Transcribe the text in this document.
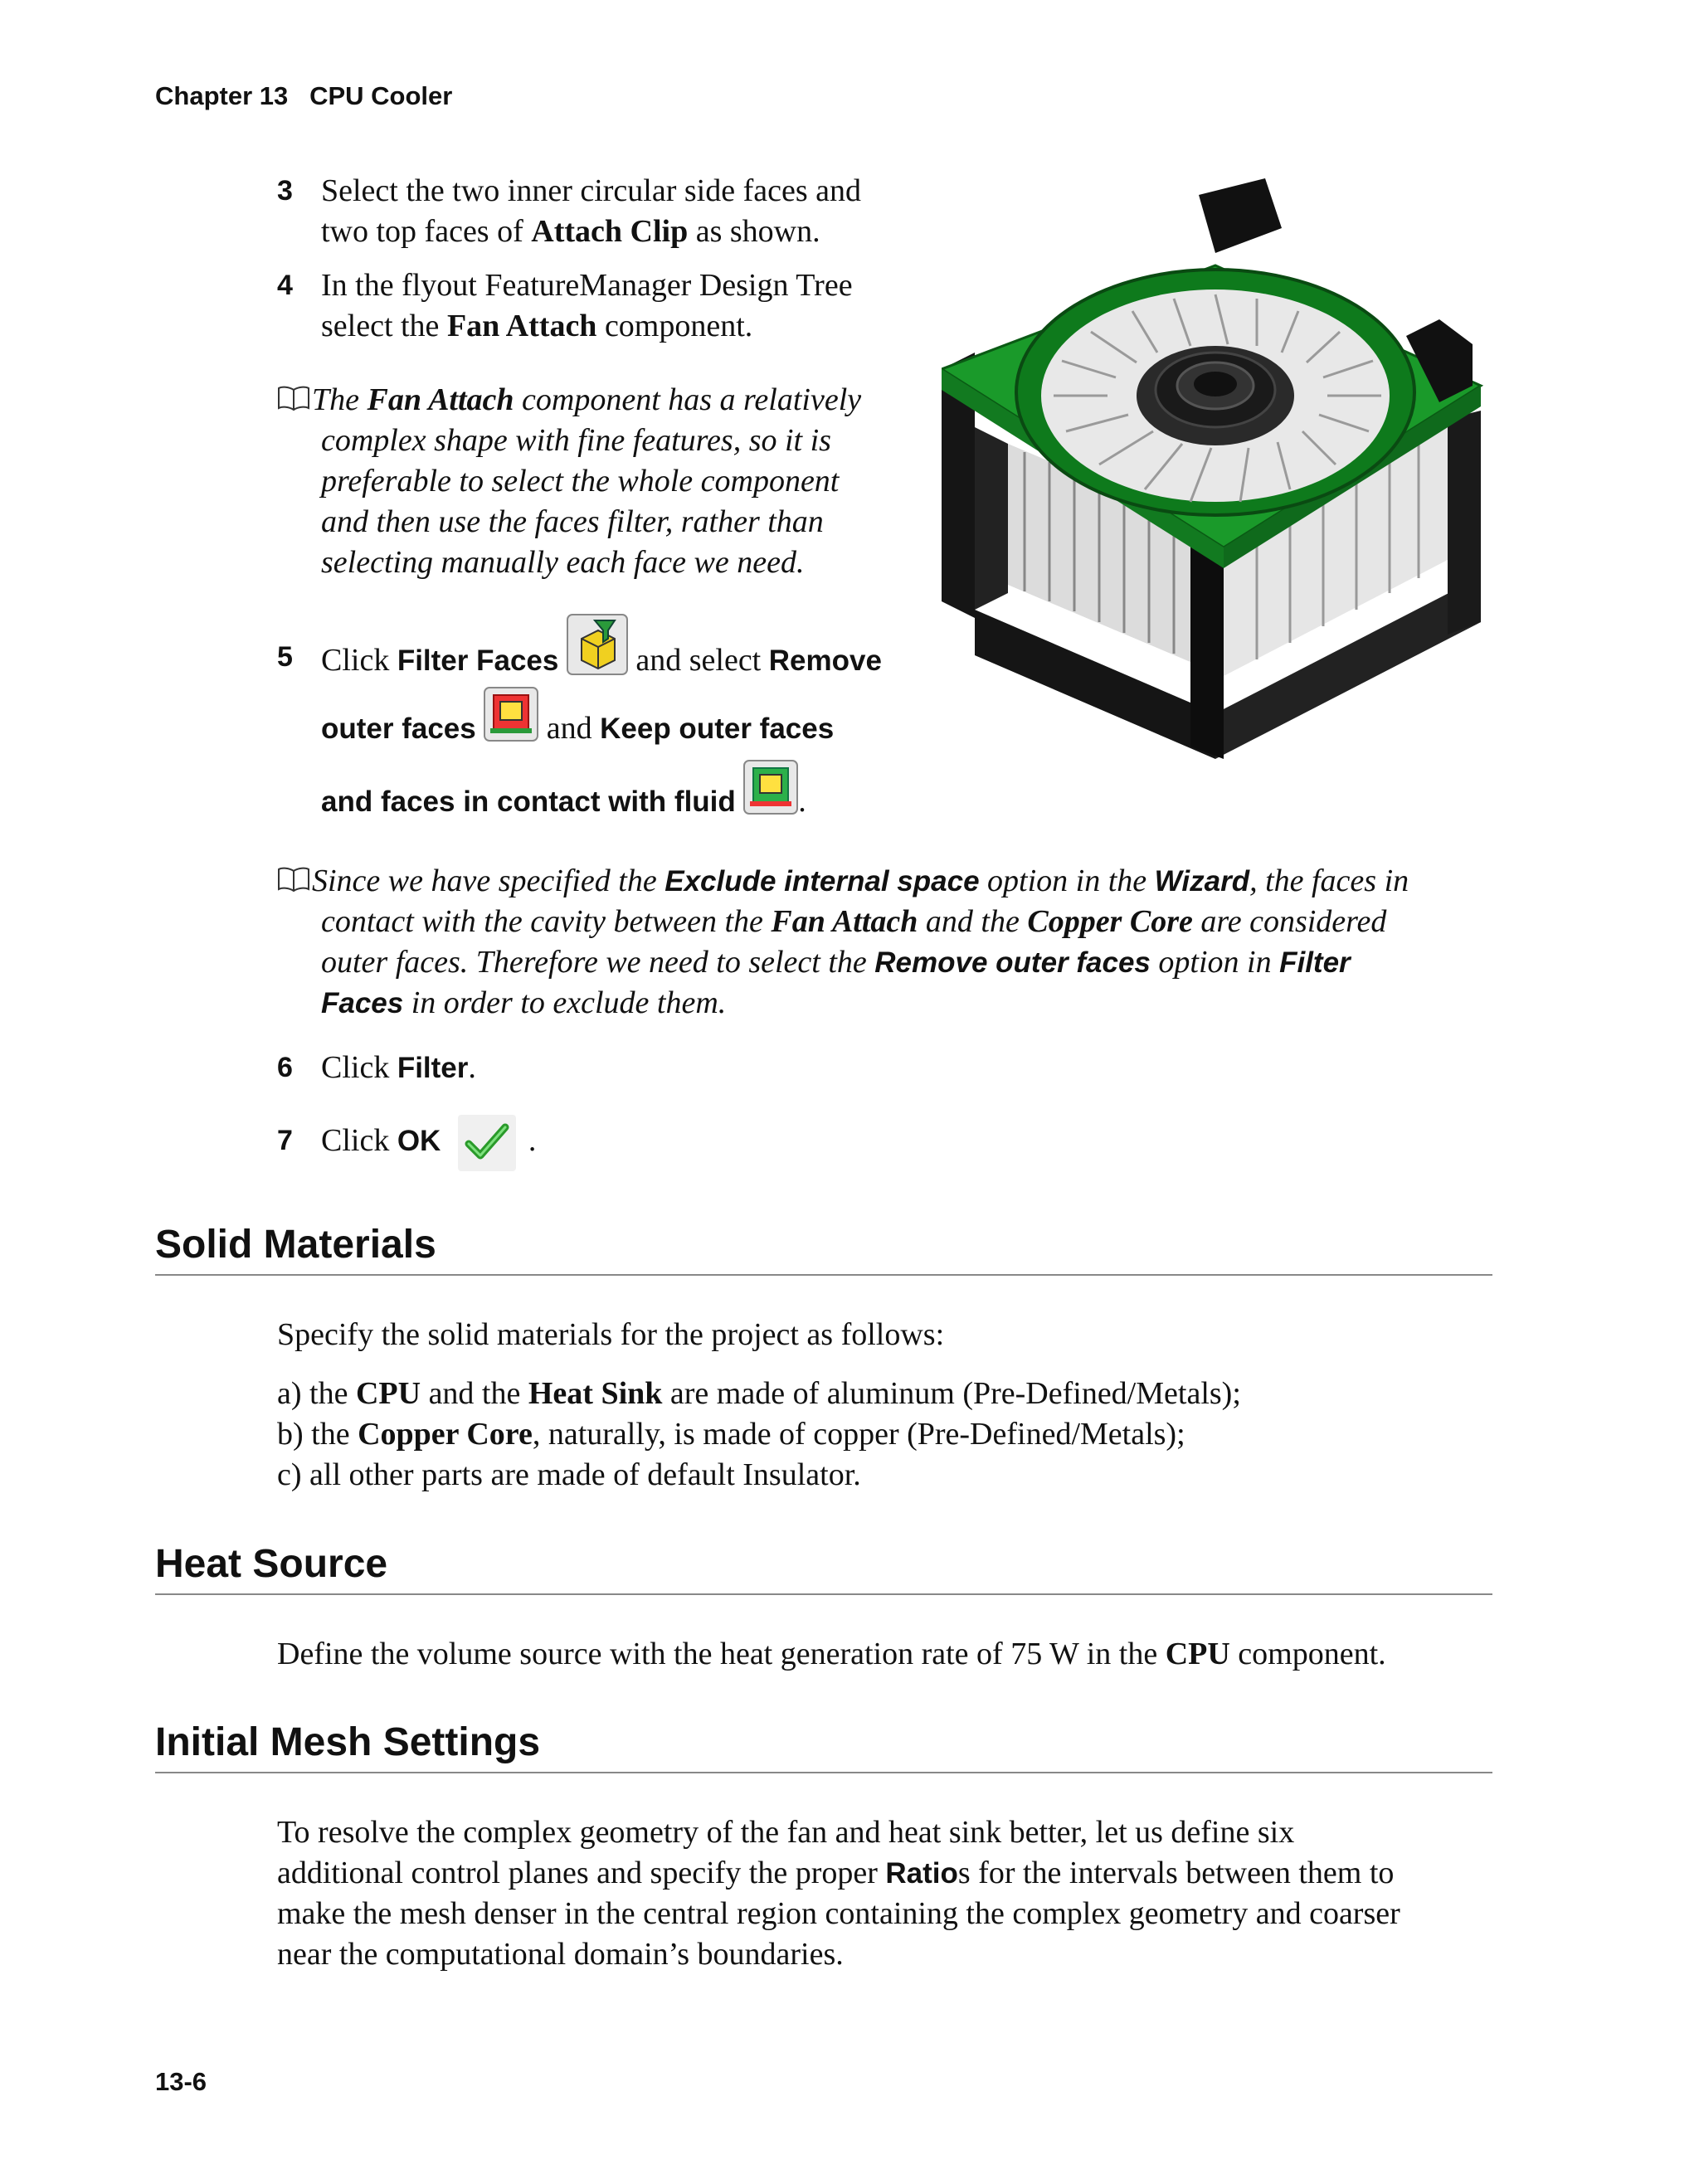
Chapter 13 CPU Cooler
3 Select the two inner circular side faces and
two top faces of Attach Clip as shown.
4 In the flyout FeatureManager Design Tree
select the Fan Attach component.
The Fan Attach component has a relatively
complex shape with fine features, so it is
preferable to select the whole component
and then use the faces filter, rather than
selecting manually each face we need.
5 Click Filter Faces  and select Remove
outer faces  and Keep outer faces
and faces in contact with fluid .
Since we have specified the Exclude internal space option in the Wizard, the faces in
contact with the cavity between the Fan Attach and the Copper Core are considered
outer faces. Therefore we need to select the Remove outer faces option in Filter
Faces in order to exclude them.
6 Click Filter.
7 Click OK	.
Solid Materials
Specify the solid materials for the project as follows:
a) the CPU and the Heat Sink are made of aluminum (Pre-Defined/Metals);
b) the Copper Core, naturally, is made of copper (Pre-Defined/Metals);
c) all other parts are made of default Insulator.
Heat Source
Define the volume source with the heat generation rate of 75 W in the CPU component.
Initial Mesh Settings
To resolve the complex geometry of the fan and heat sink better, let us define six
additional control planes and specify the proper Ratios for the intervals between them to
make the mesh denser in the central region containing the complex geometry and coarser
near the computational domain’s boundaries.
13-6
